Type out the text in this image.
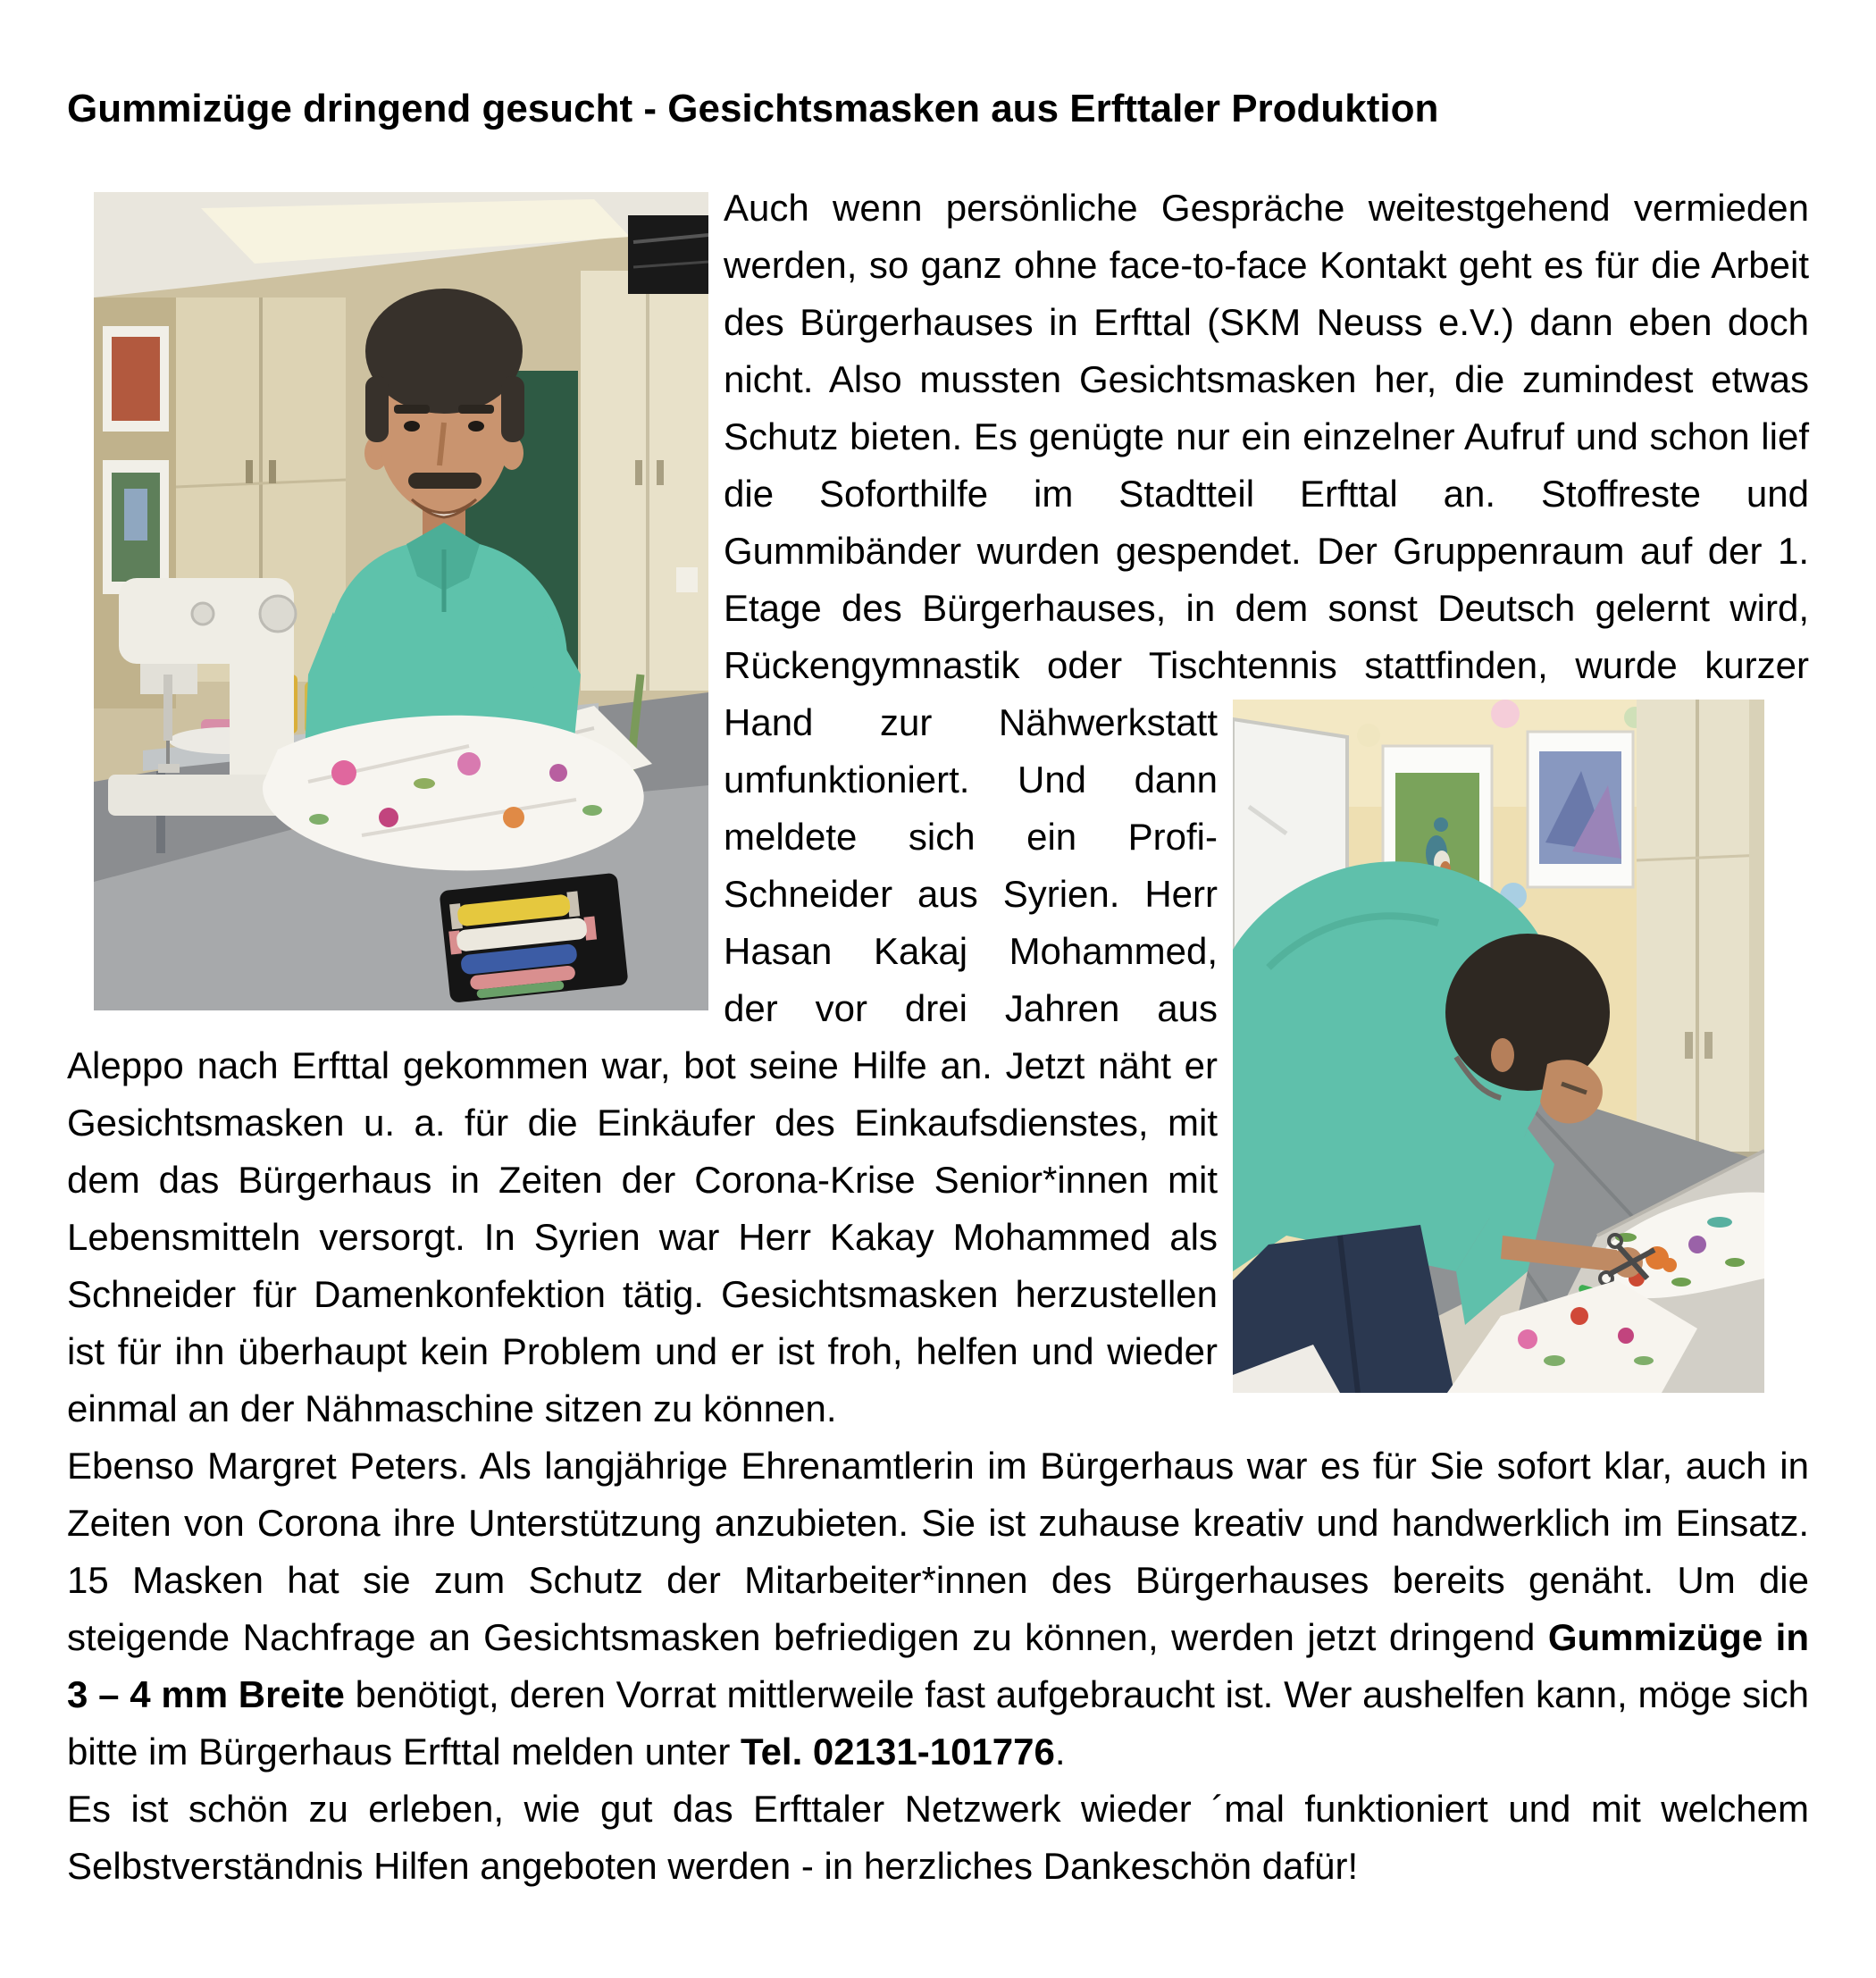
Gummizüge dringend gesucht - Gesichtsmasken aus Erfttaler Produktion

Auch wenn persönliche Gespräche weitestgehend vermieden werden, so ganz ohne face-to-face Kontakt geht es für die Arbeit des Bürgerhauses in Erfttal (SKM Neuss e.V.) dann eben doch nicht. Also mussten Gesichtsmasken her, die zumindest etwas Schutz bieten. Es genügte nur ein einzelner Aufruf und schon lief die Soforthilfe im Stadtteil Erfttal an. Stoffreste und Gummibänder wurden gespendet. Der Gruppenraum auf der 1. Etage des Bürgerhauses, in dem sonst Deutsch gelernt wird, Rückengymnastik oder Tischtennis stattfinden, wurde kurzer
Hand zur Nähwerkstatt umfunktioniert. Und dann meldete sich ein Profi-Schneider aus Syrien. Herr Hasan Kakaj Mohammed, der vor drei Jahren aus Aleppo nach Erfttal gekommen war, bot seine Hilfe an. Jetzt näht er Gesichtsmasken u. a. für die Einkäufer des Einkaufsdienstes, mit dem das Bürgerhaus in Zeiten der Corona-Krise Senior*innen mit Lebensmitteln versorgt. In Syrien war Herr Kakay Mohammed als Schneider für Damenkonfektion tätig. Gesichtsmasken herzustellen ist für ihn überhaupt kein Problem und er ist froh, helfen und wieder einmal an der Nähmaschine sitzen zu können.

Ebenso Margret Peters. Als langjährige Ehrenamtlerin im Bürgerhaus war es für Sie sofort klar, auch in Zeiten von Corona ihre Unterstützung anzubieten. Sie ist zuhause kreativ und handwerklich im Einsatz. 15 Masken hat sie zum Schutz der Mitarbeiter*innen des Bürgerhauses bereits genäht. Um die steigende Nachfrage an Gesichtsmasken befriedigen zu können, werden jetzt dringend Gummizüge in 3 – 4 mm Breite benötigt, deren Vorrat mittlerweile fast aufgebraucht ist. Wer aushelfen kann, möge sich bitte im Bürgerhaus Erfttal melden unter Tel. 02131-101776.

Es ist schön zu erleben, wie gut das Erfttaler Netzwerk wieder ´mal funktioniert und mit welchem Selbstverständnis Hilfen angeboten werden - in herzliches Dankeschön dafür!
